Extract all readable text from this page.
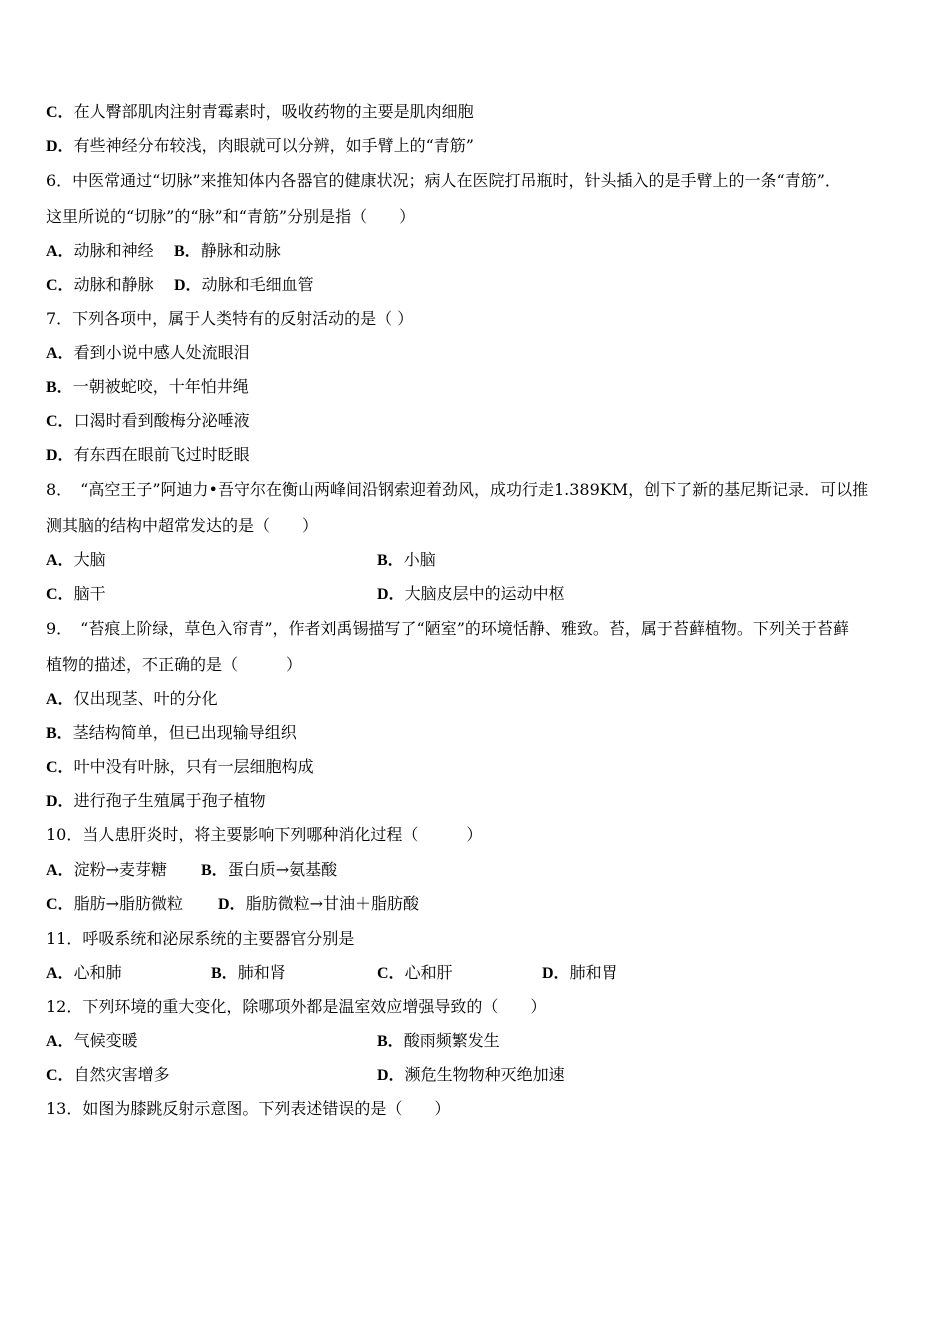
C．在人臀部肌肉注射青霉素时，吸收药物的主要是肌肉细胞
D．有些神经分布较浅，肉眼就可以分辨，如手臂上的“青筋”
6．中医常通过“切脉”来推知体内各器官的健康状况；病人在医院打吊瓶时，针头插入的是手臂上的一条“青筋”．
这里所说的“切脉”的“脉”和“青筋”分别是指（　　）
A．动脉和神经 B．静脉和动脉
C．动脉和静脉 D．动脉和毛细血管
7．下列各项中，属于人类特有的反射活动的是（ ）
A．看到小说中感人处流眼泪
B．一朝被蛇咬，十年怕井绳
C．口渴时看到酸梅分泌唾液
D．有东西在眼前飞过时眨眼
8．　“高空王子”阿迪力•吾守尔在衡山两峰间沿钢索迎着劲风，成功行走1.389KM，创下了新的基尼斯记录．可以推
测其脑的结构中超常发达的是（　　）
A．大脑	B．小脑
C．脑干	D．大脑皮层中的运动中枢
9．　“苔痕上阶绿，草色入帘青”，作者刘禹锡描写了“陋室”的环境恬静、雅致。苔，属于苔藓植物。下列关于苔藓
植物的描述，不正确的是（　　　）
A．仅出现茎、叶的分化
B．茎结构简单，但已出现输导组织
C．叶中没有叶脉，只有一层细胞构成
D．进行孢子生殖属于孢子植物
10．当人患肝炎时，将主要影响下列哪种消化过程（　　　）
A．淀粉→麦芽糖 B．蛋白质→氨基酸
C．脂肪→脂肪微粒 D．脂肪微粒→甘油＋脂肪酸
11．呼吸系统和泌尿系统的主要器官分别是
A．心和肺	B．肺和肾	C．心和肝	D．肺和胃
12．下列环境的重大变化，除哪项外都是温室效应增强导致的（　　）
A．气候变暖	B．酸雨频繁发生
C．自然灾害增多	D．濒危生物物种灭绝加速
13．如图为膝跳反射示意图。下列表述错误的是（　　）
